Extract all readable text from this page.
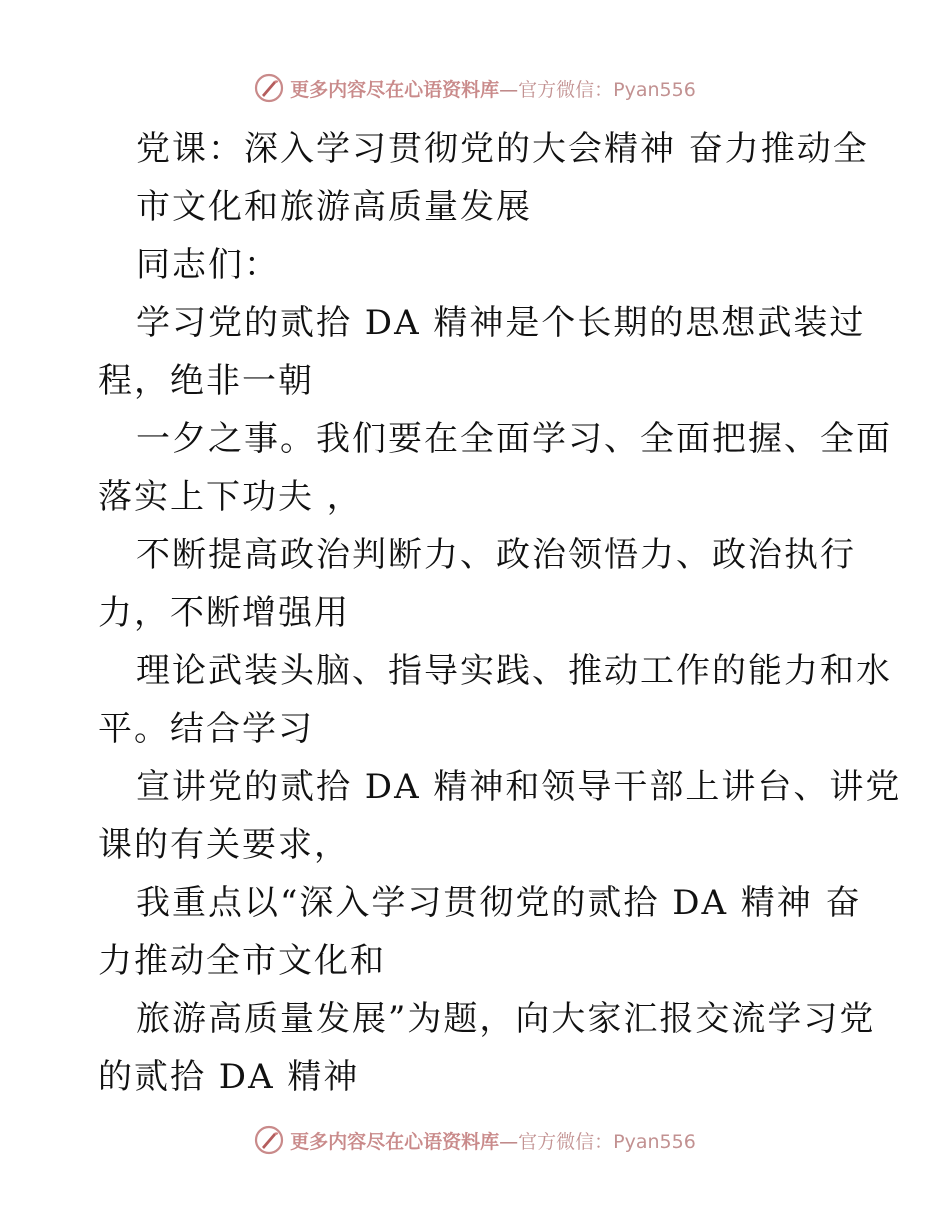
更多内容尽在心语资料库—官方微信：Pyan556
党课：深入学习贯彻党的大会精神 奋力推动全
市文化和旅游高质量发展
同志们：
学习党的贰拾 DA 精神是个长期的思想武装过
程，绝非一朝
一夕之事。我们要在全面学习、全面把握、全面
落实上下功夫 ，
不断提高政治判断力、政治领悟力、政治执行
力，不断增强用
理论武装头脑、指导实践、推动工作的能力和水
平。结合学习
宣讲党的贰拾 DA 精神和领导干部上讲台、讲党
课的有关要求，
我重点以“深入学习贯彻党的贰拾 DA 精神 奋
力推动全市文化和
旅游高质量发展”为题，向大家汇报交流学习党
的贰拾 DA 精神
更多内容尽在心语资料库—官方微信：Pyan556
